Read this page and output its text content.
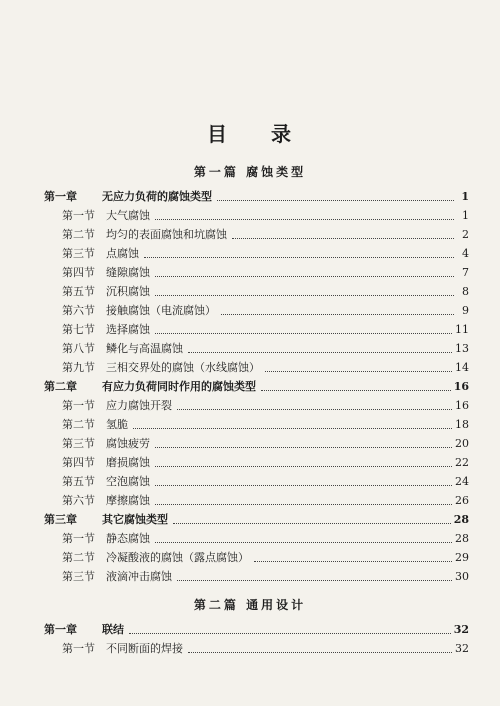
目 录
第一篇 腐蚀类型
第二篇 通用设计
第一章	无应力负荷的腐蚀类型	1
第一节	大气腐蚀	1
第二节	均匀的表面腐蚀和坑腐蚀	2
第三节	点腐蚀	4
第四节	缝隙腐蚀	7
第五节	沉积腐蚀	8
第六节	接触腐蚀（电流腐蚀）	9
第七节	选择腐蚀	11
第八节	鳞化与高温腐蚀	13
第九节	三相交界处的腐蚀（水线腐蚀）	14
第二章	有应力负荷同时作用的腐蚀类型	16
第一节	应力腐蚀开裂	16
第二节	氢脆	18
第三节	腐蚀疲劳	20
第四节	磨损腐蚀	22
第五节	空泡腐蚀	24
第六节	摩擦腐蚀	26
第三章	其它腐蚀类型	28
第一节	静态腐蚀	28
第二节	冷凝酸液的腐蚀（露点腐蚀）	29
第三节	液滴冲击腐蚀	30
第一章	联结	32
第一节	不同断面的焊接	32
